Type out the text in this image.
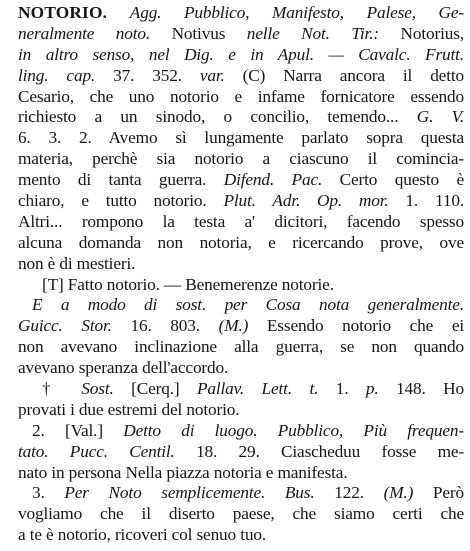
NOTORIO. Agg. Pubblico, Manifesto, Palese, Ge-
neralmente noto. Notivus nelle Not. Tir.: Notorius,
in altro senso, nel Dig. e in Apul. — Cavalc. Frutt.
ling. cap. 37. 352. var. (C) Narra ancora il detto
Cesario, che uno notorio e infame fornicatore essendo
richiesto a un sinodo, o concilio, temendo... G. V.
6. 3. 2. Avemo sì lungamente parlato sopra questa
materia, perchè sia notorio a ciascuno il comincia-
mento di tanta guerra. Difend. Pac. Certo questo è
chiaro, e tutto notorio. Plut. Adr. Op. mor. 1. 110.
Altri... rompono la testa a' dicitori, facendo spesso
alcuna domanda non notoria, e ricercando prove, ove
non è di mestieri.
[T] Fatto notorio. — Benemerenze notorie.
E a modo di sost. per Cosa nota generalmente.
Guicc. Stor. 16. 803. (M.) Essendo notorio che ei
non avevano inclinazione alla guerra, se non quando
avevano speranza dell'accordo.
† Sost. [Cerq.] Pallav. Lett. t. 1. p. 148. Ho
provati i due estremi del notorio.
2. [Val.] Detto di luogo. Pubblico, Più frequen-
tato. Pucc. Centil. 18. 29. Ciascheduu fosse me-
nato in persona Nella piazza notoria e manifesta.
3. Per Noto semplicemente. Bus. 122. (M.) Però
vogliamo che il diserto paese, che siamo certi che
a te è notorio, ricoveri col senuo tuo.
